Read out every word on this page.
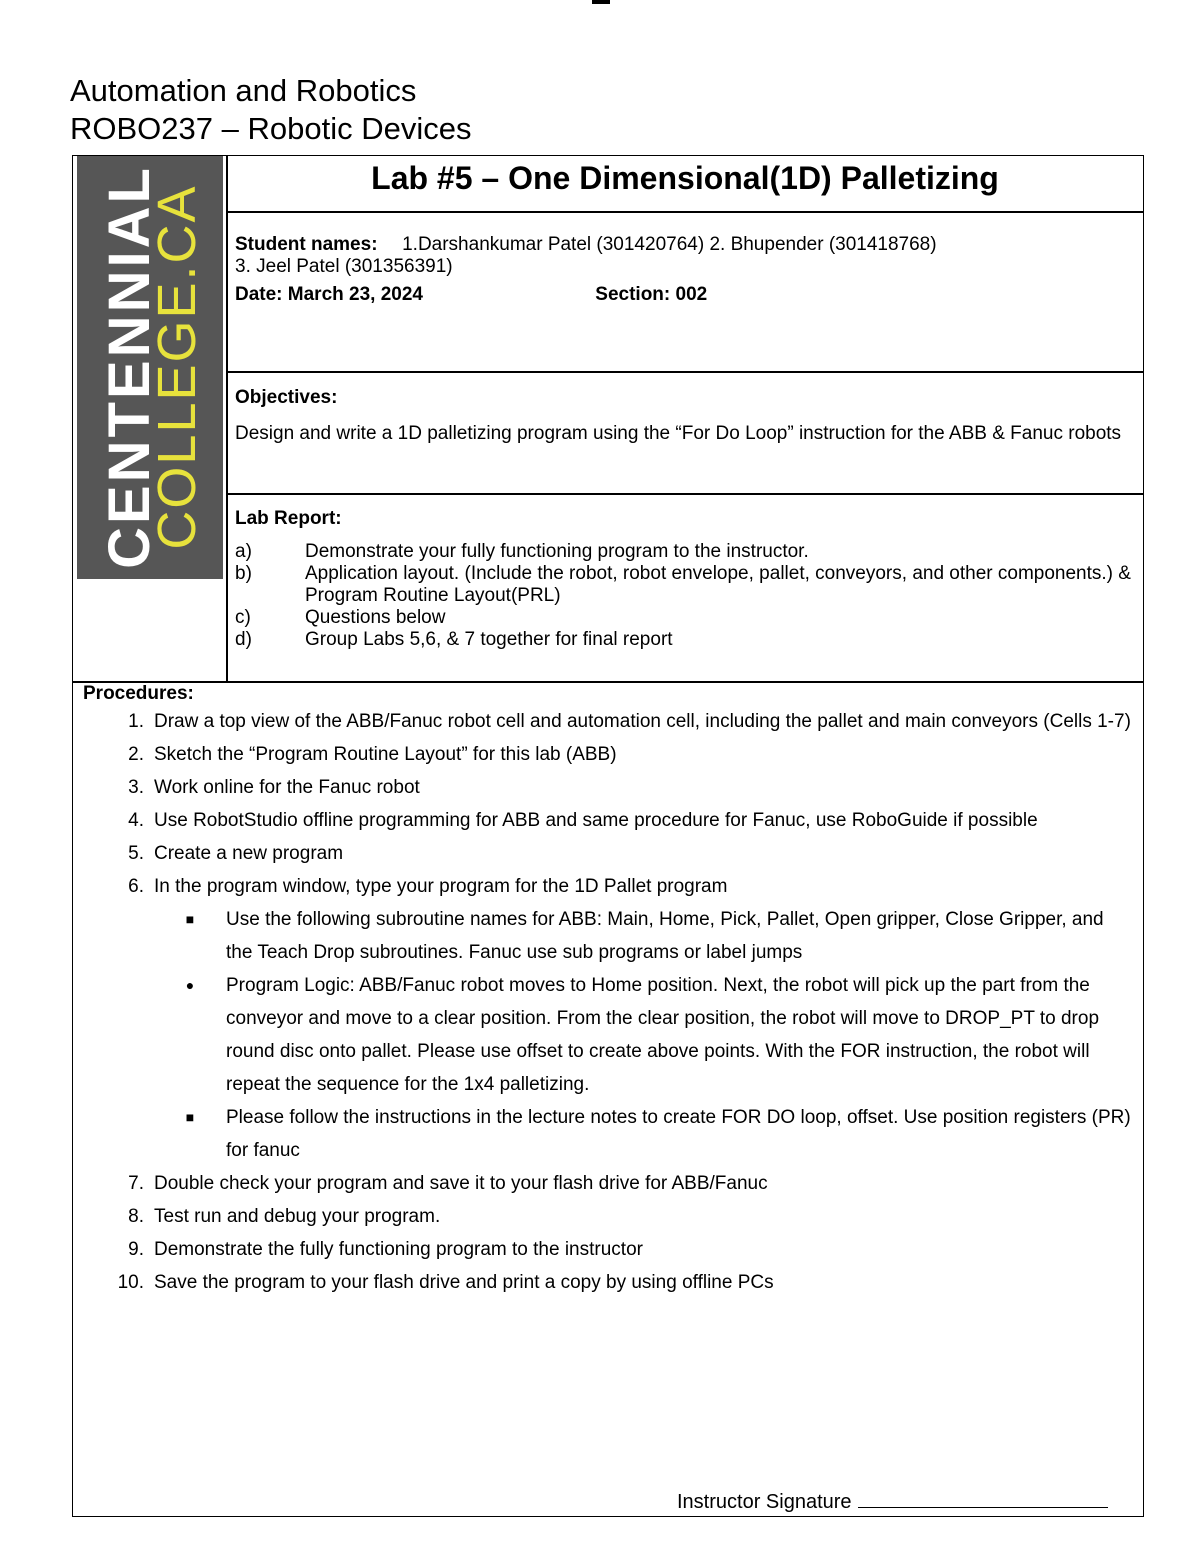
Automation and Robotics
ROBO237 – Robotic Devices
CENTENNIAL
COLLEGE.CA
Lab #5 – One Dimensional(1D) Palletizing
Student names: 1.Darshankumar Patel (301420764) 2. Bhupender (301418768)
3. Jeel Patel (301356391)
Date: March 23, 2024	Section: 002
Objectives:
Design and write a 1D palletizing program using the “For Do Loop” instruction for the ABB & Fanuc robots
Lab Report:
a)	Demonstrate your fully functioning program to the instructor.
b)	Application layout. (Include the robot, robot envelope, pallet, conveyors, and other components.) & Program Routine Layout(PRL)
c)	Questions below
d)	Group Labs 5,6, & 7 together for final report
Procedures:
1. Draw a top view of the ABB/Fanuc robot cell and automation cell, including the pallet and main conveyors (Cells 1-7)
2. Sketch the “Program Routine Layout” for this lab (ABB)
3. Work online for the Fanuc robot
4. Use RobotStudio offline programming for ABB and same procedure for Fanuc, use RoboGuide if possible
5. Create a new program
6. In the program window, type your program for the 1D Pallet program
■	Use the following subroutine names for ABB: Main, Home, Pick, Pallet, Open gripper, Close Gripper, and the Teach Drop subroutines. Fanuc use sub programs or label jumps
●	Program Logic: ABB/Fanuc robot moves to Home position. Next, the robot will pick up the part from the conveyor and move to a clear position. From the clear position, the robot will move to DROP_PT to drop round disc onto pallet. Please use offset to create above points. With the FOR instruction, the robot will repeat the sequence for the 1x4 palletizing.
■	Please follow the instructions in the lecture notes to create FOR DO loop, offset. Use position registers (PR) for fanuc
7. Double check your program and save it to your flash drive for ABB/Fanuc
8. Test run and debug your program.
9. Demonstrate the fully functioning program to the instructor
10. Save the program to your flash drive and print a copy by using offline PCs
Instructor Signature
